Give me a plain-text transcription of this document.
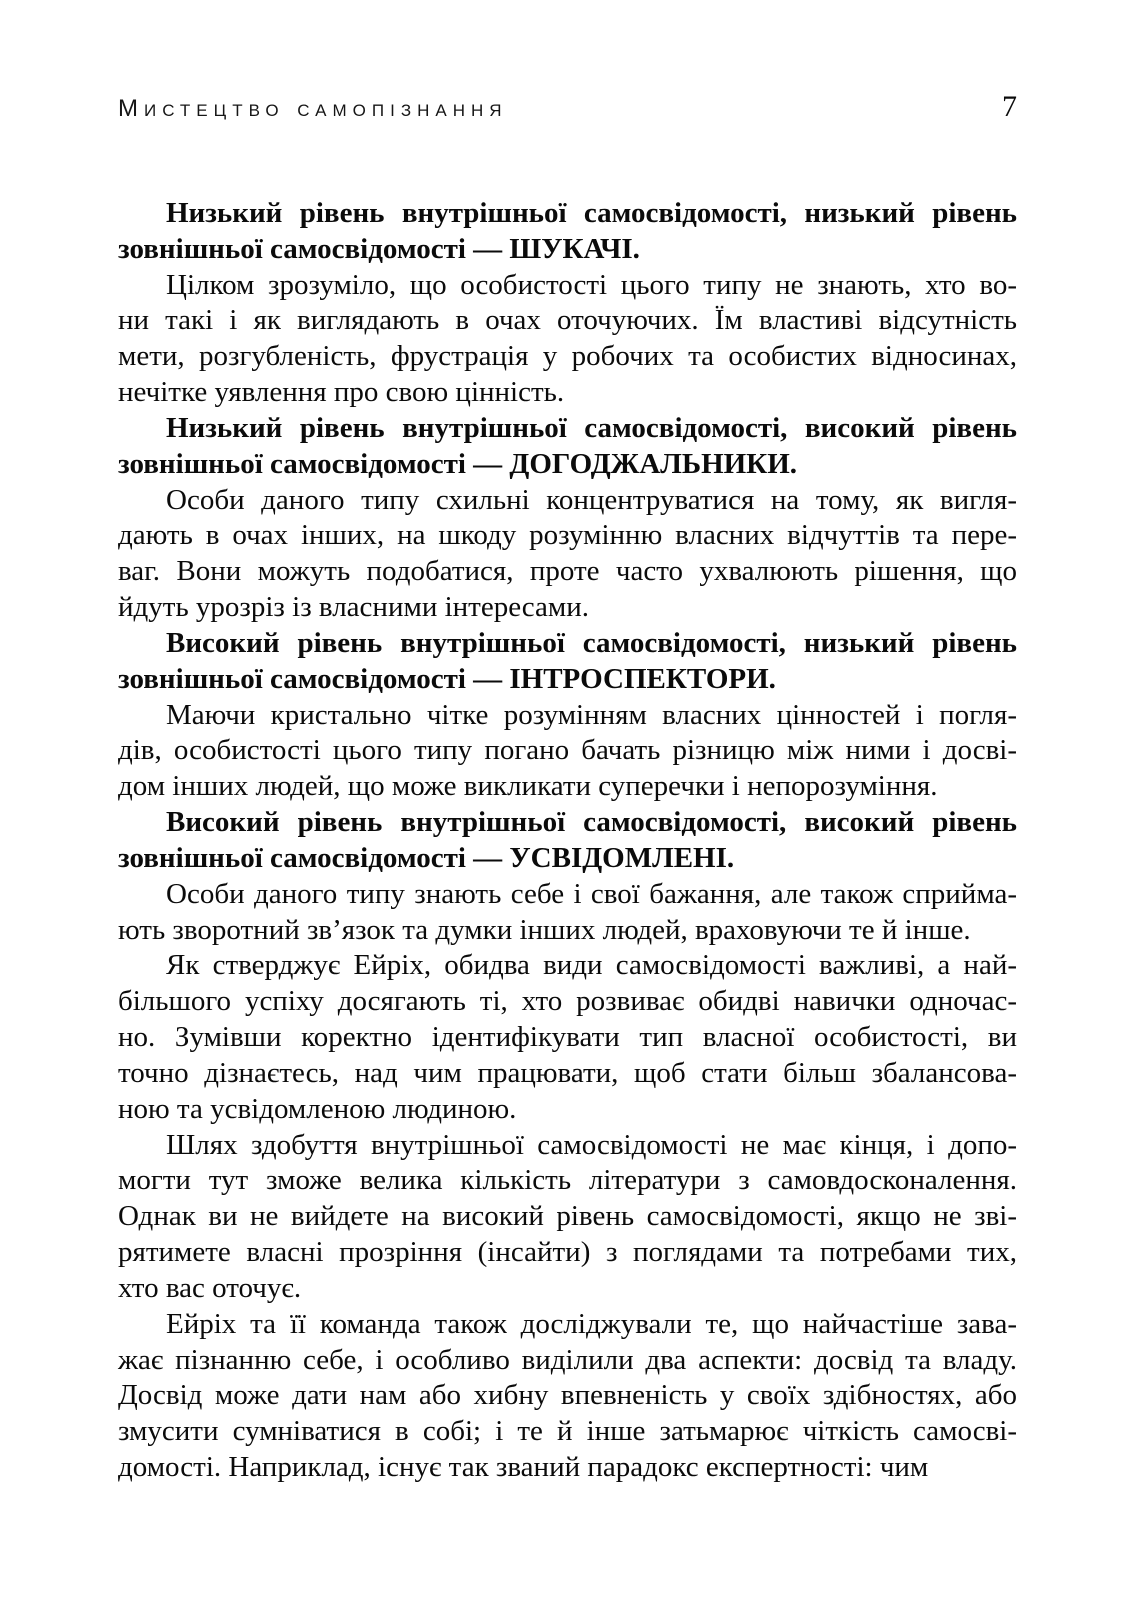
Мистецтво самопізнання	7
Низький рівень внутрішньої самосвідомості, низький рівень
зовнішньої самосвідомості — ШУКАЧІ.
Цілком зрозуміло, що особистості цього типу не знають, хто во-
ни такі і як виглядають в очах оточуючих. Їм властиві відсутність
мети, розгубленість, фрустрація у робочих та особистих відносинах,
нечітке уявлення про свою цінність.
Низький рівень внутрішньої самосвідомості, високий рівень
зовнішньої самосвідомості — ДОГОДЖАЛЬНИКИ.
Особи даного типу схильні концентруватися на тому, як вигля-
дають в очах інших, на шкоду розумінню власних відчуттів та пере-
ваг. Вони можуть подобатися, проте часто ухвалюють рішення, що
йдуть урозріз із власними інтересами.
Високий рівень внутрішньої самосвідомості, низький рівень
зовнішньої самосвідомості — ІНТРОСПЕКТОРИ.
Маючи кристально чітке розумінням власних цінностей і погля-
дів, особистості цього типу погано бачать різницю між ними і досві-
дом інших людей, що може викликати суперечки і непорозуміння.
Високий рівень внутрішньої самосвідомості, високий рівень
зовнішньої самосвідомості — УСВІДОМЛЕНІ.
Особи даного типу знають себе і свої бажання, але також сприйма-
ють зворотний зв’язок та думки інших людей, враховуючи те й інше.
Як стверджує Ейріх, обидва види самосвідомості важливі, а най-
більшого успіху досягають ті, хто розвиває обидві навички одночас-
но. Зумівши коректно ідентифікувати тип власної особистості, ви
точно дізнаєтесь, над чим працювати, щоб стати більш збалансова-
ною та усвідомленою людиною.
Шлях здобуття внутрішньої самосвідомості не має кінця, і допо-
могти тут зможе велика кількість літератури з самовдосконалення.
Однак ви не вийдете на високий рівень самосвідомості, якщо не зві-
рятимете власні прозріння (інсайти) з поглядами та потребами тих,
хто вас оточує.
Ейріх та її команда також досліджували те, що найчастіше зава-
жає пізнанню себе, і особливо виділили два аспекти: досвід та владу.
Досвід може дати нам або хибну впевненість у своїх здібностях, або
змусити сумніватися в собі; і те й інше затьмарює чіткість самосві-
домості. Наприклад, існує так званий парадокс експертності: чим
